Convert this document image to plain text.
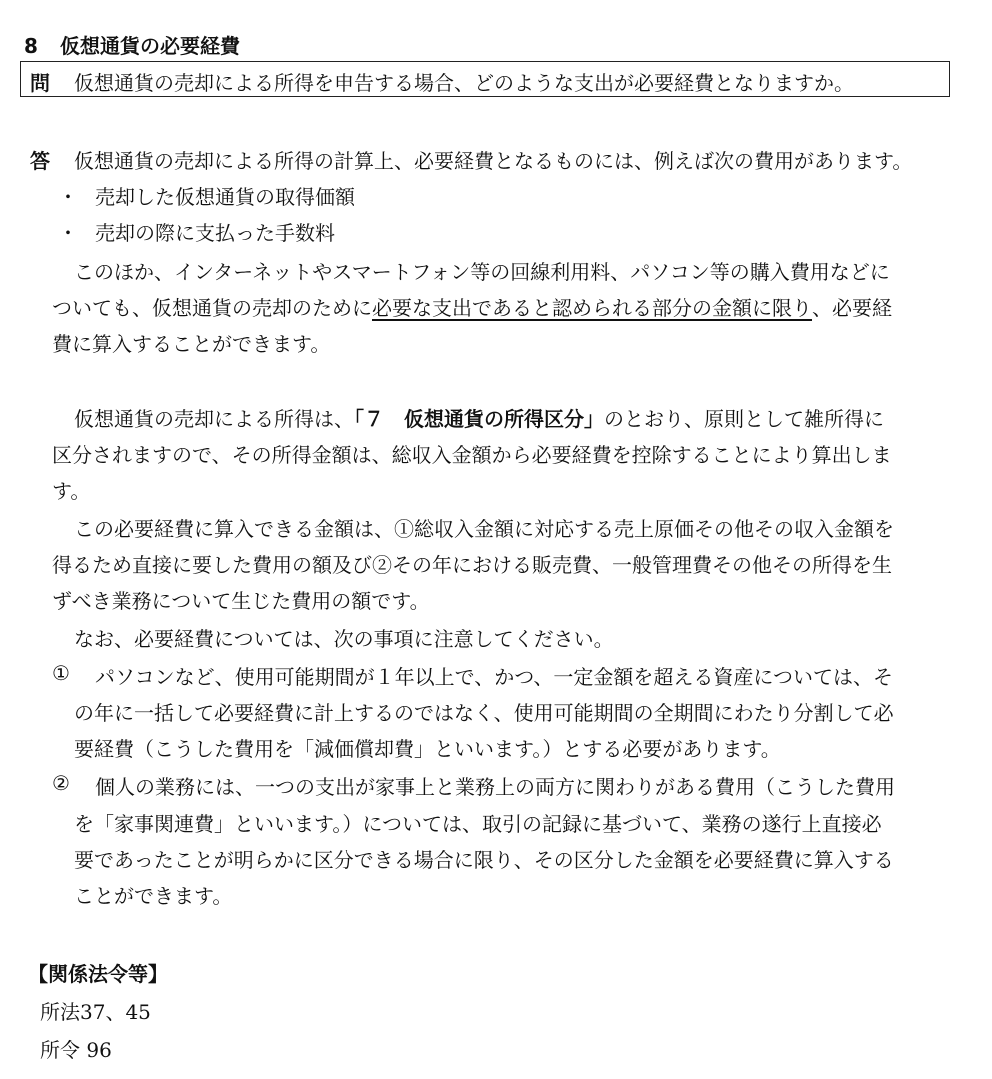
8 仮想通貨の必要経費
問 仮想通貨の売却による所得を申告する場合、どのような支出が必要経費となりますか。
答 仮想通貨の売却による所得の計算上、必要経費となるものには、例えば次の費用があります。
・ 売却した仮想通貨の取得価額
・ 売却の際に支払った手数料
このほか、インターネットやスマートフォン等の回線利用料、パソコン等の購入費用などに
ついても、仮想通貨の売却のために必要な支出であると認められる部分の金額に限り、必要経
費に算入することができます。
仮想通貨の売却による所得は、「７　仮想通貨の所得区分」のとおり、原則として雑所得に
区分されますので、その所得金額は、総収入金額から必要経費を控除することにより算出しま
す。
この必要経費に算入できる金額は、①総収入金額に対応する売上原価その他その収入金額を
得るため直接に要した費用の額及び②その年における販売費、一般管理費その他その所得を生
ずべき業務について生じた費用の額です。
なお、必要経費については、次の事項に注意してください。
① パソコンなど、使用可能期間が１年以上で、かつ、一定金額を超える資産については、そ
の年に一括して必要経費に計上するのではなく、使用可能期間の全期間にわたり分割して必
要経費（こうした費用を「減価償却費」といいます。）とする必要があります。
② 個人の業務には、一つの支出が家事上と業務上の両方に関わりがある費用（こうした費用
を「家事関連費」といいます。）については、取引の記録に基づいて、業務の遂行上直接必
要であったことが明らかに区分できる場合に限り、その区分した金額を必要経費に算入する
ことができます。
【関係法令等】
所法37、45
所令 96
